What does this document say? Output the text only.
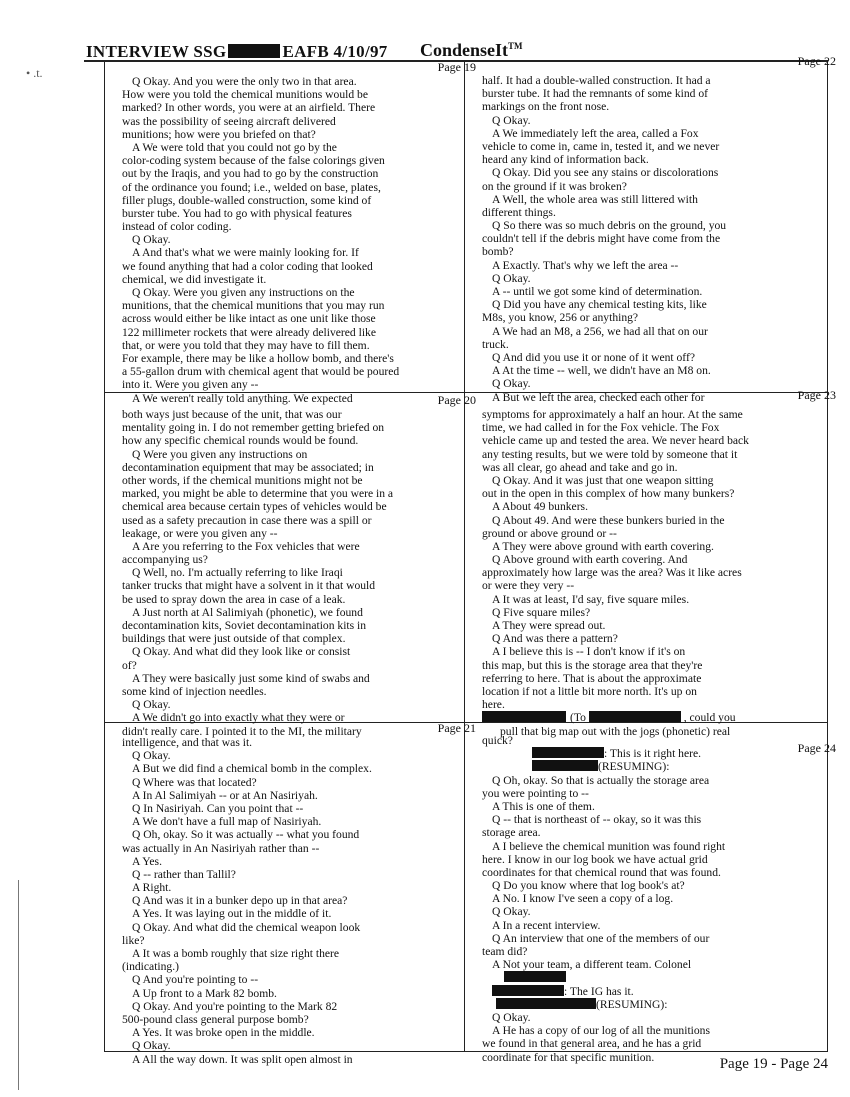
INTERVIEW SSG	EAFB 4/10/97 CondenseIt™
• .t.	Page 19
Q Okay. And you were the only two in that area.
How were you told the chemical munitions would be
marked? In other words, you were at an airfield. There
was the possibility of seeing aircraft delivered
munitions; how were you briefed on that?
A We were told that you could not go by the
color-coding system because of the false colorings given
out by the Iraqis, and you had to go by the construction
of the ordinance you found; i.e., welded on base, plates,
filler plugs, double-walled construction, some kind of
burster tube. You had to go with physical features
instead of color coding.
Q Okay.
A And that's what we were mainly looking for. If
we found anything that had a color coding that looked
chemical, we did investigate it.
Q Okay. Were you given any instructions on the
munitions, that the chemical munitions that you may run
across would either be like intact as one unit like those
122 millimeter rockets that were already delivered like
that, or were you told that they may have to fill them.
For example, there may be like a hollow bomb, and there's
a 55-gallon drum with chemical agent that would be poured
into it. Were you given any --
A We weren't really told anything. We expected
Page 22
half. It had a double-walled construction. It had a
burster tube. It had the remnants of some kind of
markings on the front nose.
Q Okay.
A We immediately left the area, called a Fox
vehicle to come in, came in, tested it, and we never
heard any kind of information back.
Q Okay. Did you see any stains or discolorations
on the ground if it was broken?
A Well, the whole area was still littered with
different things.
Q So there was so much debris on the ground, you
couldn't tell if the debris might have come from the
bomb?
A Exactly. That's why we left the area --
Q Okay.
A -- until we got some kind of determination.
Q Did you have any chemical testing kits, like
M8s, you know, 256 or anything?
A We had an M8, a 256, we had all that on our
truck.
Q And did you use it or none of it went off?
A At the time -- well, we didn't have an M8 on.
Q Okay.
A But we left the area, checked each other for
Page 20
both ways just because of the unit, that was our
mentality going in. I do not remember getting briefed on
how any specific chemical rounds would be found.
Q Were you given any instructions on
decontamination equipment that may be associated; in
other words, if the chemical munitions might not be
marked, you might be able to determine that you were in a
chemical area because certain types of vehicles would be
used as a safety precaution in case there was a spill or
leakage, or were you given any --
A Are you referring to the Fox vehicles that were
accompanying us?
Q Well, no. I'm actually referring to like Iraqi
tanker trucks that might have a solvent in it that would
be used to spray down the area in case of a leak.
A Just north at Al Salimiyah (phonetic), we found
decontamination kits, Soviet decontamination kits in
buildings that were just outside of that complex.
Q Okay. And what did they look like or consist
of?
A They were basically just some kind of swabs and
some kind of injection needles.
Q Okay.
A We didn't go into exactly what they were or
didn't really care. I pointed it to the MI, the military
Page 23
symptoms for approximately a half an hour. At the same
time, we had called in for the Fox vehicle. The Fox
vehicle came up and tested the area. We never heard back
any testing results, but we were told by someone that it
was all clear, go ahead and take and go in.
Q Okay. And it was just that one weapon sitting
out in the open in this complex of how many bunkers?
A About 49 bunkers.
Q About 49. And were these bunkers buried in the
ground or above ground or --
A They were above ground with earth covering.
Q Above ground with earth covering. And
approximately how large was the area? Was it like acres
or were they very --
A It was at least, I'd say, five square miles.
Q Five square miles?
A They were spread out.
Q And was there a pattern?
A I believe this is -- I don't know if it's on
this map, but this is the storage area that they're
referring to here. That is about the approximate
location if not a little bit more north. It's up on
here.
(To	, could you
pull that big map out with the jogs (phonetic) real
Page 21
intelligence, and that was it.
Q Okay.
A But we did find a chemical bomb in the complex.
Q Where was that located?
A In Al Salimiyah -- or at An Nasiriyah.
Q In Nasiriyah. Can you point that --
A We don't have a full map of Nasiriyah.
Q Oh, okay. So it was actually -- what you found
was actually in An Nasiriyah rather than --
A Yes.
Q -- rather than Tallil?
A Right.
Q And was it in a bunker depo up in that area?
A Yes. It was laying out in the middle of it.
Q Okay. And what did the chemical weapon look
like?
A It was a bomb roughly that size right there
(indicating.)
Q And you're pointing to --
A Up front to a Mark 82 bomb.
Q Okay. And you're pointing to the Mark 82
500-pound class general purpose bomb?
A Yes. It was broke open in the middle.
Q Okay.
A All the way down. It was split open almost in
Page 24
quick?
: This is it right here.
(RESUMING):
Q Oh, okay. So that is actually the storage area
you were pointing to --
A This is one of them.
Q -- that is northeast of -- okay, so it was this
storage area.
A I believe the chemical munition was found right
here. I know in our log book we have actual grid
coordinates for that chemical round that was found.
Q Do you know where that log book's at?
A No. I know I've seen a copy of a log.
Q Okay.
A In a recent interview.
Q An interview that one of the members of our
team did?
A Not your team, a different team. Colonel
: The IG has it.
(RESUMING):
Q Okay.
A He has a copy of our log of all the munitions
we found in that general area, and he has a grid
coordinate for that specific munition.	Page 19 - Page 24
